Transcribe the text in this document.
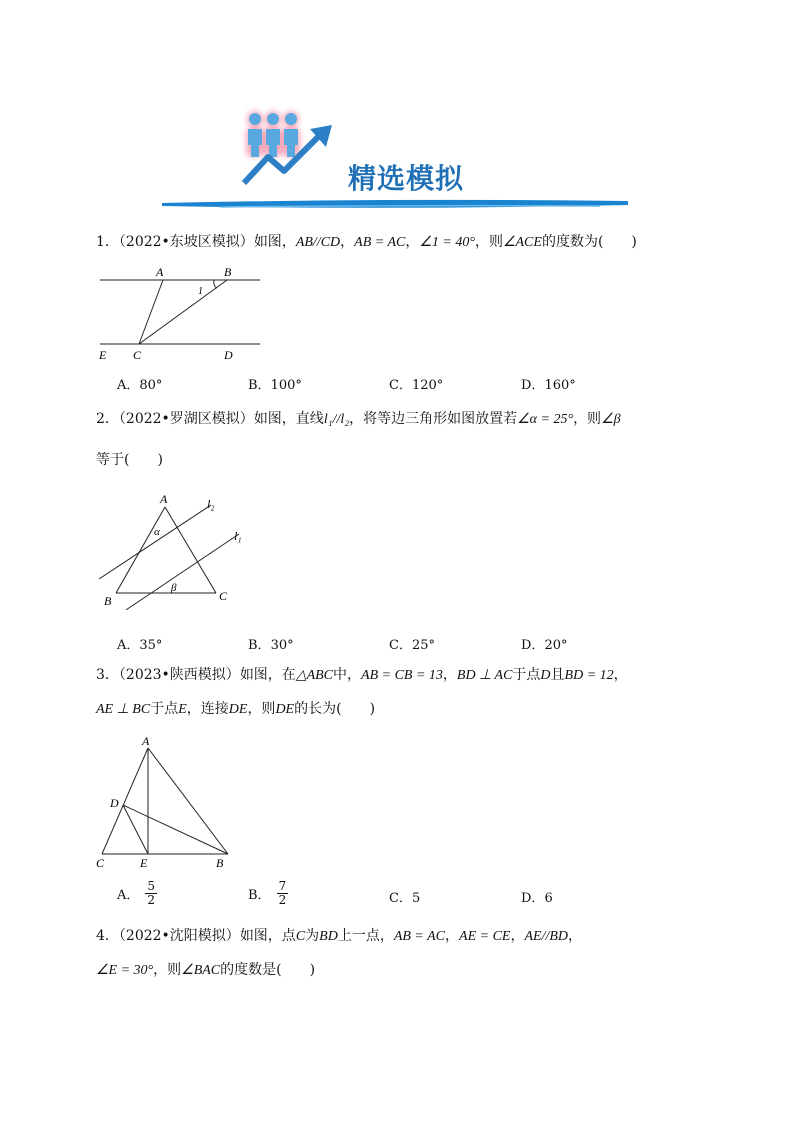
精选模拟
1．（2022•东坡区模拟）如图，AB//CD，AB = AC，∠1 = 40°，则∠ACE的度数为(　　)
A	B
1
E C	D
A．80°	B．100°	C．120°	D．160°
2．（2022•罗湖区模拟）如图，直线l₁//l₂，将等边三角形如图放置若∠α = 25°，则∠β
等于(　　)
A	l₂
l₁
α
β
B	C
A．35°	B．30°	C．25°	D．20°
3．（2023•陕西模拟）如图，在△ABC中，AB = CB = 13，BD ⊥ AC于点D且BD = 12，
AE ⊥ BC于点E，连接DE，则DE的长为(　　)
A
D
C	E	B
A． $\frac{5}{2}$	B． $\frac{7}{2}$	C．5	D．6
4．（2022•沈阳模拟）如图，点C为BD上一点，AB = AC，AE = CE，AE//BD，
∠E = 30°，则∠BAC的度数是(　　)
